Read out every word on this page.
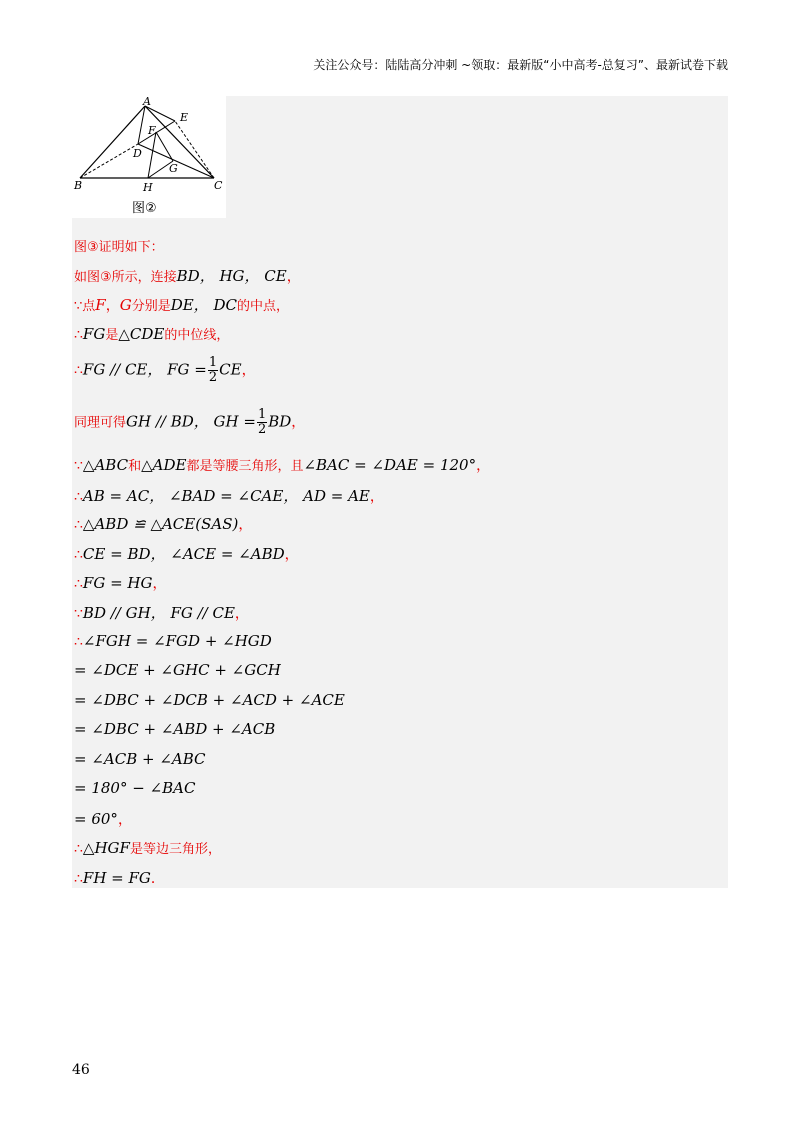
关注公众号：陆陆高分冲刺 ~领取：最新版“小中高考-总复习”、最新试卷下载
A
E
F
D
G
B	H	C
图②
图③证明如下：
如图③所示，连接BD， HG， CE，
∵点F，G分别是DE， DC的中点，
∴FG是△CDE的中位线，
∴FG // CE， FG = $\frac{1}{2}$ CE，
同理可得GH // BD， GH = $\frac{1}{2}$ BD，
∵△ABC和△ADE都是等腰三角形，且∠BAC = ∠DAE = 120°，
∴AB = AC， ∠BAD = ∠CAE， AD = AE，
∴△ABD ≌ △ACE(SAS)，
∴CE = BD， ∠ACE = ∠ABD，
∴FG = HG，
∵BD // GH， FG // CE，
∴∠FGH = ∠FGD + ∠HGD
= ∠DCE + ∠GHC + ∠GCH
= ∠DBC + ∠DCB + ∠ACD + ∠ACE
= ∠DBC + ∠ABD + ∠ACB
= ∠ACB + ∠ABC
= 180° − ∠BAC
= 60°，
∴△HGF是等边三角形，
∴FH = FG．
46
